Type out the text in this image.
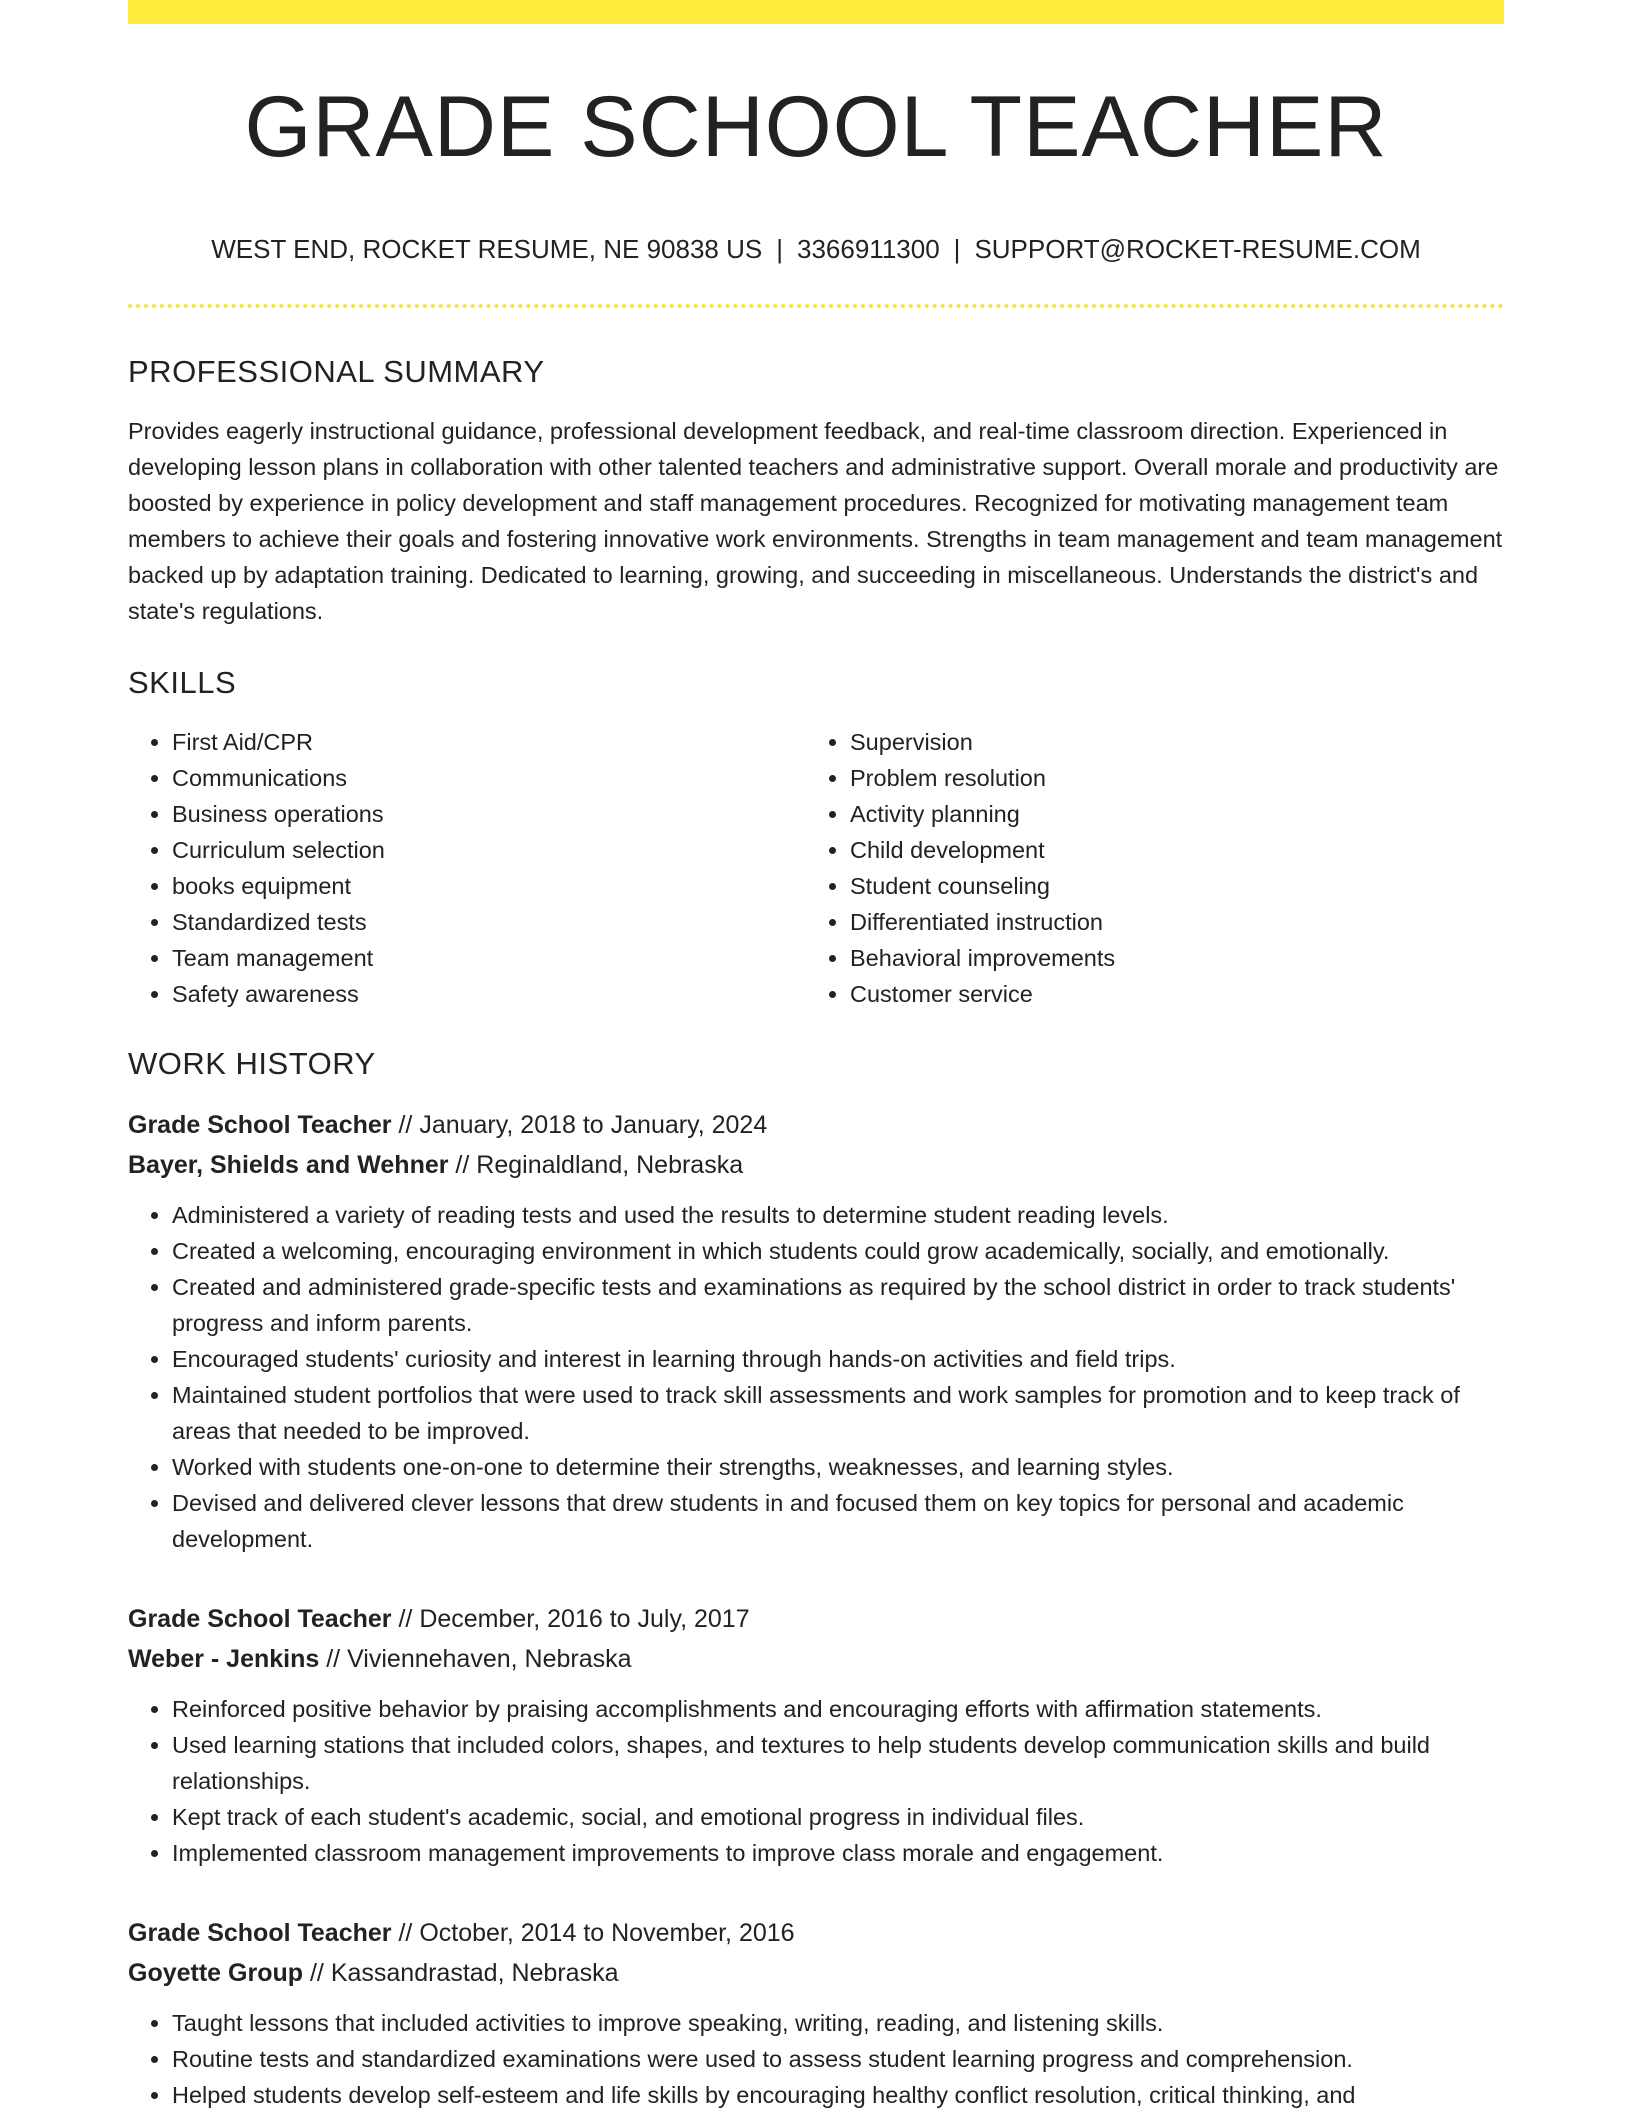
GRADE SCHOOL TEACHER
WEST END, ROCKET RESUME, NE 90838 US | 3366911300 | SUPPORT@ROCKET-RESUME.COM
PROFESSIONAL SUMMARY

Provides eagerly instructional guidance, professional development feedback, and real-time classroom direction. Experienced in developing lesson plans in collaboration with other talented teachers and administrative support. Overall morale and productivity are boosted by experience in policy development and staff management procedures. Recognized for motivating management team members to achieve their goals and fostering innovative work environments. Strengths in team management and team management backed up by adaptation training. Dedicated to learning, growing, and succeeding in miscellaneous. Understands the district's and state's regulations.

SKILLS
• First Aid/CPR
• Communications
• Business operations
• Curriculum selection
• books equipment
• Standardized tests
• Team management
• Safety awareness
• Supervision
• Problem resolution
• Activity planning
• Child development
• Student counseling
• Differentiated instruction
• Behavioral improvements
• Customer service
WORK HISTORY
Grade School Teacher // January, 2018 to January, 2024
Bayer, Shields and Wehner // Reginaldland, Nebraska
• Administered a variety of reading tests and used the results to determine student reading levels.
• Created a welcoming, encouraging environment in which students could grow academically, socially, and emotionally.
• Created and administered grade-specific tests and examinations as required by the school district in order to track students' progress and inform parents.
• Encouraged students' curiosity and interest in learning through hands-on activities and field trips.
• Maintained student portfolios that were used to track skill assessments and work samples for promotion and to keep track of areas that needed to be improved.
• Worked with students one-on-one to determine their strengths, weaknesses, and learning styles.
• Devised and delivered clever lessons that drew students in and focused them on key topics for personal and academic development.
Grade School Teacher // December, 2016 to July, 2017
Weber - Jenkins // Viviennehaven, Nebraska
• Reinforced positive behavior by praising accomplishments and encouraging efforts with affirmation statements.
• Used learning stations that included colors, shapes, and textures to help students develop communication skills and build relationships.
• Kept track of each student's academic, social, and emotional progress in individual files.
• Implemented classroom management improvements to improve class morale and engagement.
Grade School Teacher // October, 2014 to November, 2016
Goyette Group // Kassandrastad, Nebraska
• Taught lessons that included activities to improve speaking, writing, reading, and listening skills.
• Routine tests and standardized examinations were used to assess student learning progress and comprehension.
• Helped students develop self-esteem and life skills by encouraging healthy conflict resolution, critical thinking, and
